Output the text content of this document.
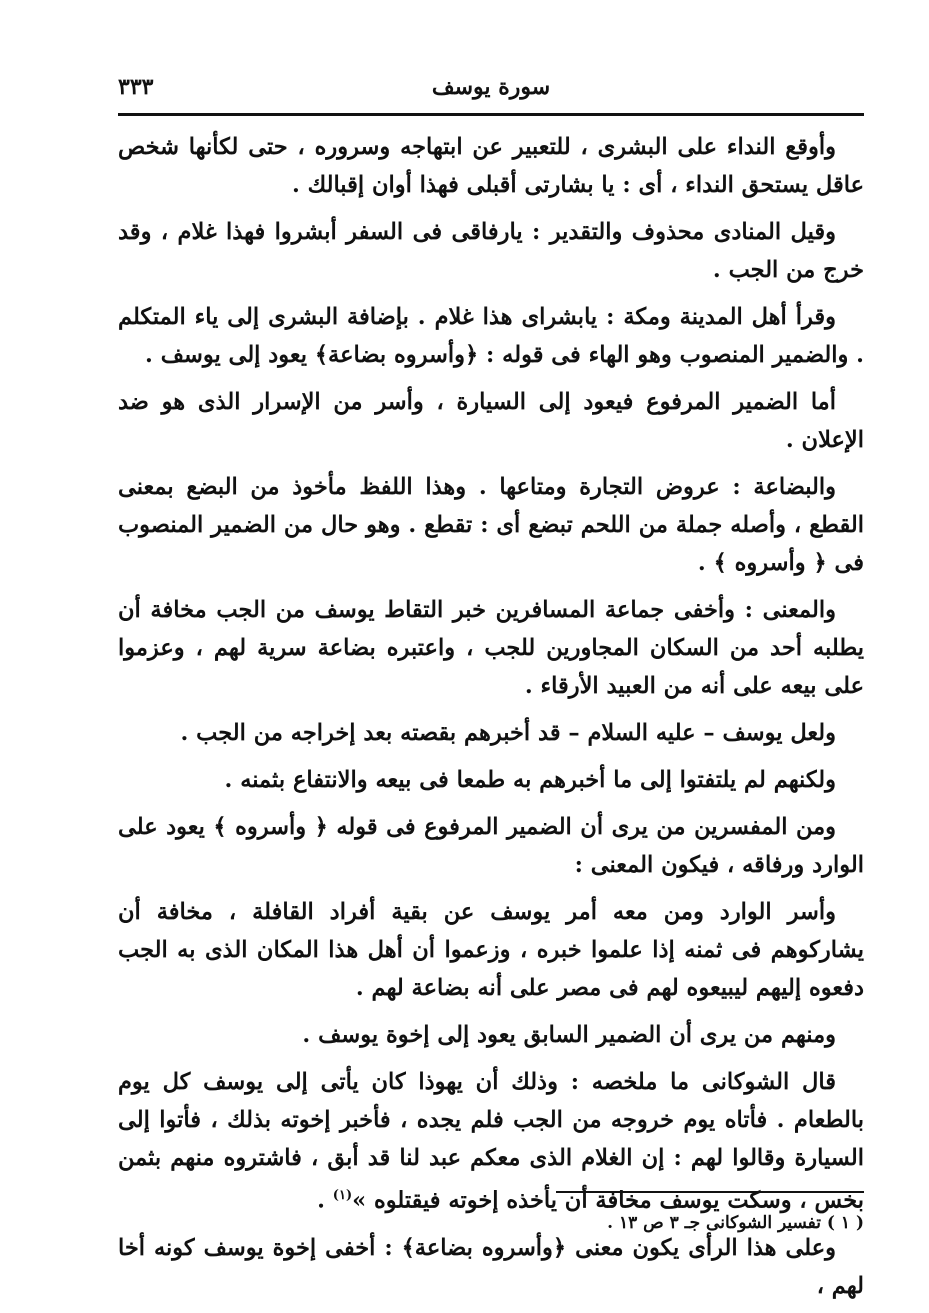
٣٣٣	سورة يوسف

وأوقع النداء على البشرى ، للتعبير عن ابتهاجه وسروره ، حتى لكأنها شخص عاقل يستحق النداء ، أى : يا بشارتى أقبلى فهذا أوان إقبالك .

وقيل المنادى محذوف والتقدير : يارفاقى فى السفر أبشروا فهذا غلام ، وقد خرج من الجب .

وقرأ أهل المدينة ومكة : يابشراى هذا غلام . بإضافة البشرى إلى ياء المتكلم . والضمير المنصوب وهو الهاء فى قوله : ﴿وأسروه بضاعة﴾ يعود إلى يوسف .

أما الضمير المرفوع فيعود إلى السيارة ، وأسر من الإسرار الذى هو ضد الإعلان .

والبضاعة : عروض التجارة ومتاعها . وهذا اللفظ مأخوذ من البضع بمعنى القطع ، وأصله جملة من اللحم تبضع أى : تقطع . وهو حال من الضمير المنصوب فى ﴿ وأسروه ﴾ .

والمعنى : وأخفى جماعة المسافرين خبر التقاط يوسف من الجب مخافة أن يطلبه أحد من السكان المجاورين للجب ، واعتبره بضاعة سرية لهم ، وعزموا على بيعه على أنه من العبيد الأرقاء .

ولعل يوسف – عليه السلام – قد أخبرهم بقصته بعد إخراجه من الجب .

ولكنهم لم يلتفتوا إلى ما أخبرهم به طمعا فى بيعه والانتفاع بثمنه .

ومن المفسرين من يرى أن الضمير المرفوع فى قوله ﴿ وأسروه ﴾ يعود على الوارد ورفاقه ، فيكون المعنى :

وأسر الوارد ومن معه أمر يوسف عن بقية أفراد القافلة ، مخافة أن يشاركوهم فى ثمنه إذا علموا خبره ، وزعموا أن أهل هذا المكان الذى به الجب دفعوه إليهم ليبيعوه لهم فى مصر على أنه بضاعة لهم .

ومنهم من يرى أن الضمير السابق يعود إلى إخوة يوسف .

قال الشوكانى ما ملخصه : وذلك أن يهوذا كان يأتى إلى يوسف كل يوم بالطعام . فأتاه يوم خروجه من الجب فلم يجده ، فأخبر إخوته بذلك ، فأتوا إلى السيارة وقالوا لهم : إن الغلام الذى معكم عبد لنا قد أبق ، فاشتروه منهم بثمن بخس ، وسكت يوسف مخافة أن يأخذه إخوته فيقتلوه »$^{(١)}$ .

وعلى هذا الرأى يكون معنى ﴿وأسروه بضاعة﴾ : أخفى إخوة يوسف كونه أخا لهم ،

( ١ ) تفسير الشوكانى جـ ٣ ص ١٣ .
